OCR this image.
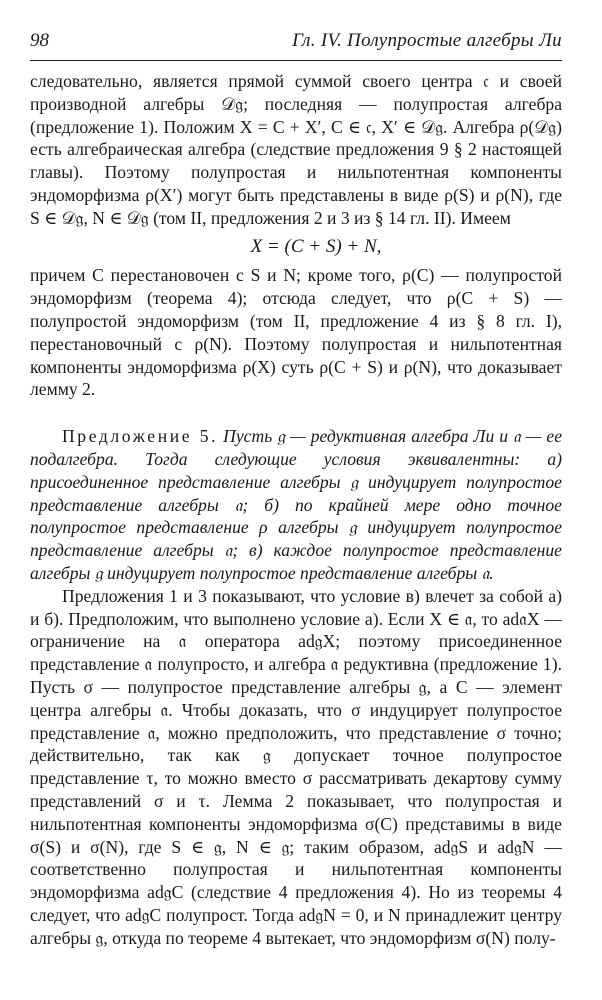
98	Гл. IV. Полупростые алгебры Ли

следовательно, является прямой суммой своего центра 𝔠 и своей производной алгебры 𝒟𝔤; последняя — полупростая алгебра (предложение 1). Положим X = C + X′, C ∈ 𝔠, X′ ∈ 𝒟𝔤. Алгебра ρ(𝒟𝔤) есть алгебраическая алгебра (следствие предложения 9 § 2 настоящей главы). Поэтому полупростая и нильпотентная компоненты эндоморфизма ρ(X′) могут быть представлены в виде ρ(S) и ρ(N), где S ∈ 𝒟𝔤, N ∈ 𝒟𝔤 (том II, предложения 2 и 3 из § 14 гл. II). Имеем

X = (C + S) + N,

причем C перестановочен с S и N; кроме того, ρ(C) — полупростой эндоморфизм (теорема 4); отсюда следует, что ρ(C + S) — полупростой эндоморфизм (том II, предложение 4 из § 8 гл. I), перестановочный с ρ(N). Поэтому полупростая и нильпотентная компоненты эндоморфизма ρ(X) суть ρ(C + S) и ρ(N), что доказывает лемму 2.

Предложение 5. Пусть 𝔤 — редуктивная алгебра Ли и 𝔞 — ее подалгебра. Тогда следующие условия эквивалентны: а) присоединенное представление алгебры 𝔤 индуцирует полупростое представление алгебры 𝔞; б) по крайней мере одно точное полупростое представление ρ алгебры 𝔤 индуцирует полупростое представление алгебры 𝔞; в) каждое полупростое представление алгебры 𝔤 индуцирует полупростое представление алгебры 𝔞.

Предложения 1 и 3 показывают, что условие в) влечет за собой а) и б). Предположим, что выполнено условие а). Если X ∈ 𝔞, то ad𝔞X — ограничение на 𝔞 оператора ad𝔤X; поэтому присоединенное представление 𝔞 полупросто, и алгебра 𝔞 редуктивна (предложение 1). Пусть σ — полупростое представление алгебры 𝔤, а C — элемент центра алгебры 𝔞. Чтобы доказать, что σ индуцирует полупростое представление 𝔞, можно предположить, что представление σ точно; действительно, так как 𝔤 допускает точное полупростое представление τ, то можно вместо σ рассматривать декартову сумму представлений σ и τ. Лемма 2 показывает, что полупростая и нильпотентная компоненты эндоморфизма σ(C) представимы в виде σ(S) и σ(N), где S ∈ 𝔤, N ∈ 𝔤; таким образом, ad𝔤S и ad𝔤N — соответственно полупростая и нильпотентная компоненты эндоморфизма ad𝔤C (следствие 4 предложения 4). Но из теоремы 4 следует, что ad𝔤C полупрост. Тогда ad𝔤N = 0, и N принадлежит центру алгебры 𝔤, откуда по теореме 4 вытекает, что эндоморфизм σ(N) полу-
